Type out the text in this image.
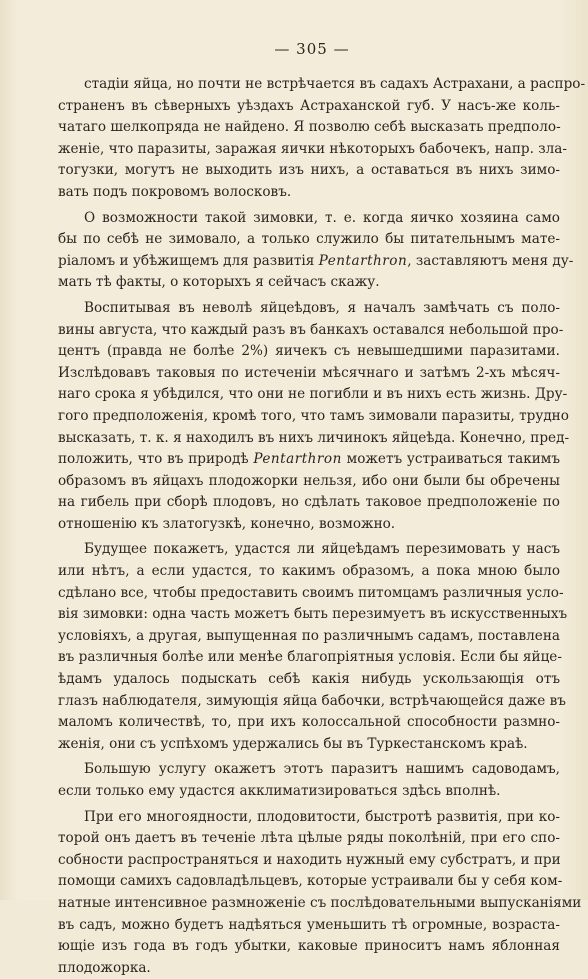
— 305 —
стадіи яйца, но почти не встрѣчается въ садахъ Астрахани, а распро-
страненъ въ сѣверныхъ уѣздахъ Астраханской губ. У насъ-же коль-
чатаго шелкопряда не найдено. Я позволю себѣ высказать предполо-
женіе, что паразиты, заражая яички нѣкоторыхъ бабочекъ, напр. зла-
тогузки, могутъ не выходить изъ нихъ, а оставаться въ нихъ зимо-
вать подъ покровомъ волосковъ.
О возможности такой зимовки, т. е. когда яичко хозяина само
бы по себѣ не зимовало, а только служило бы питательнымъ мате-
ріаломъ и убѣжищемъ для развитія Pentarthron, заставляютъ меня ду-
мать тѣ факты, о которыхъ я сейчасъ скажу.
Воспитывая въ неволѣ яйцеѣдовъ, я началъ замѣчать съ поло-
вины августа, что каждый разъ въ банкахъ оставался небольшой про-
центъ (правда не болѣе 2%) яичекъ съ невышедшими паразитами.
Изслѣдовавъ таковыя по истеченіи мѣсячнаго и затѣмъ 2-хъ мѣсяч-
наго срока я убѣдился, что они не погибли и въ нихъ есть жизнь. Дру-
гого предположенія, кромѣ того, что тамъ зимовали паразиты, трудно
высказать, т. к. я находилъ въ нихъ личинокъ яйцеѣда. Конечно, пред-
положить, что въ природѣ Pentarthron можетъ устраиваться такимъ
образомъ въ яйцахъ плодожорки нельзя, ибо они были бы обречены
на гибель при сборѣ плодовъ, но сдѣлать таковое предположеніе по
отношенію къ златогузкѣ, конечно, возможно.
Будущее покажетъ, удастся ли яйцеѣдамъ перезимовать у насъ
или нѣтъ, а если удастся, то какимъ образомъ, а пока мною было
сдѣлано все, чтобы предоставить своимъ питомцамъ различныя усло-
вія зимовки: одна часть можетъ быть перезимуетъ въ искусственныхъ
условіяхъ, а другая, выпущенная по различнымъ садамъ, поставлена
въ различныя болѣе или менѣе благопріятныя условія. Если бы яйце-
ѣдамъ удалось подыскать себѣ какія нибудь ускользающія отъ
глазъ наблюдателя, зимующія яйца бабочки, встрѣчающейся даже въ
маломъ количествѣ, то, при ихъ колоссальной способности размно-
женія, они съ успѣхомъ удержались бы въ Туркестанскомъ краѣ.
Большую услугу окажетъ этотъ паразитъ нашимъ садоводамъ,
если только ему удастся акклиматизироваться здѣсь вполнѣ.
При его многоядности, плодовитости, быстротѣ развитія, при ко-
торой онъ даетъ въ теченіе лѣта цѣлые ряды поколѣній, при его спо-
собности распространяться и находить нужный ему субстратъ, и при
помощи самихъ садовладѣльцевъ, которые устраивали бы у себя ком-
натные интенсивное размноженіе съ послѣдовательными выпусканіями
въ садъ, можно будетъ надѣяться уменьшить тѣ огромные, возраста-
ющіе изъ года въ годъ убытки, каковые приноситъ намъ яблонная
плодожорка.
